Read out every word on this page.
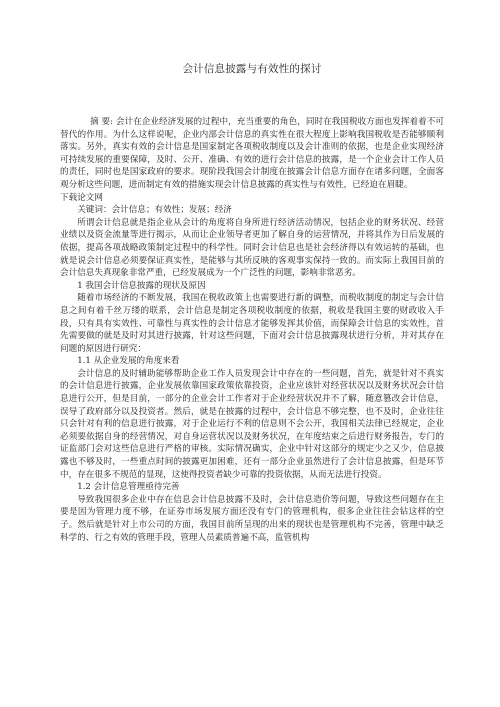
会计信息披露与有效性的探讨

摘 要: 会计在企业经济发展的过程中，充当重要的角色，同时在我国税收方面也发挥着着不可替代的作用。为什么这样说呢，企业内部会计信息的真实性在很大程度上影响我国税收是否能够顺利落实。另外，真实有效的会计信息是国家制定各项税收制度以及会计准则的依据，也是企业实现经济可持续发展的重要保障，及时、公开、准确、有效的进行会计信息的披露，是一个企业会计工作人员的责任，同时也是国家政府的要求。现阶段我国会计制度在披露会计信息方面存在诸多问题，全面客观分析这些问题，进而制定有效的措施实现会计信息披露的真实性与有效性，已经迫在眉睫。

下载论文网

关键词：会计信息；有效性；发展；经济

所谓会计信息就是指企业从会计的角度将自身所进行经济活动情况，包括企业的财务状况、经营业绩以及资金流量等进行揭示，从而让企业领导者更加了解自身的运营情况，并将其作为日后发展的依据，提高各项战略政策制定过程中的科学性。同时会计信息也是社会经济得以有效运转的基础，也就是说会计信息必须要保证真实性，是能够与其所反映的客观事实保持一致的。而实际上我国目前的会计信息失真现象非常严重，已经发展成为一个广泛性的问题，影响非常恶劣。

1 我国会计信息披露的现状及原因

随着市场经济的不断发展，我国在税收政策上也需要进行新的调整，而税收制度的制定与会计信息之间有着千丝万缕的联系，会计信息是制定各项税收制度的依据，税收是我国主要的财政收入手段，只有具有实效性、可靠性与真实性的会计信息才能够发挥其价值，而保障会计信息的实效性，首先需要做的就是及时对其进行披露，针对这些问题，下面对会计信息披露现状进行分析，并对其存在问题的原因进行研究：

1.1 从企业发展的角度来看

会计信息的及时辅助能够帮助企业工作人员发现会计中存在的一些问题，首先，就是针对不真实的会计信息进行披露，企业发展依靠国家政策依靠投资，企业应该针对经营状况以及财务状况会计信息进行公开，但是目前，一部分的企业会计工作者对于企业经营状况并不了解，随意篡改会计信息，误导了政府部分以及投资者。然后，就是在披露的过程中，会计信息不够完整，也不及时，企业往往只会针对有利的信息进行披露，对于企业运行不利的信息则不会公开，我国相关法律已经规定，企业必须要依据自身的经营情况，对自身运营状况以及财务状况，在年度结束之后进行财务报告，专门的证监部门会对这些信息进行严格的审核。实际情况确实，企业中针对这部分的规定少之又少，信息披露也不够及时，一些重点时间的披露更加困难，还有一部分企业虽然进行了会计信息披露，但是环节中，存在很多不规范的显现，这使得投资者缺少可靠的投资依据，从而无法进行投资。

1.2 会计信息管理亟待完善

导致我国很多企业中存在信息会计信息披露不及时，会计信息造价等问题，导致这些问题存在主要是因为管理力度不够，在证券市场发展方面还没有专门的管理机构，很多企业往往会钻这样的空子。然后就是针对上市公司的方面，我国目前所呈现的出来的现状也是管理机构不完善，管理中缺乏科学的、行之有效的管理手段，管理人员素质普遍不高，监管机构
